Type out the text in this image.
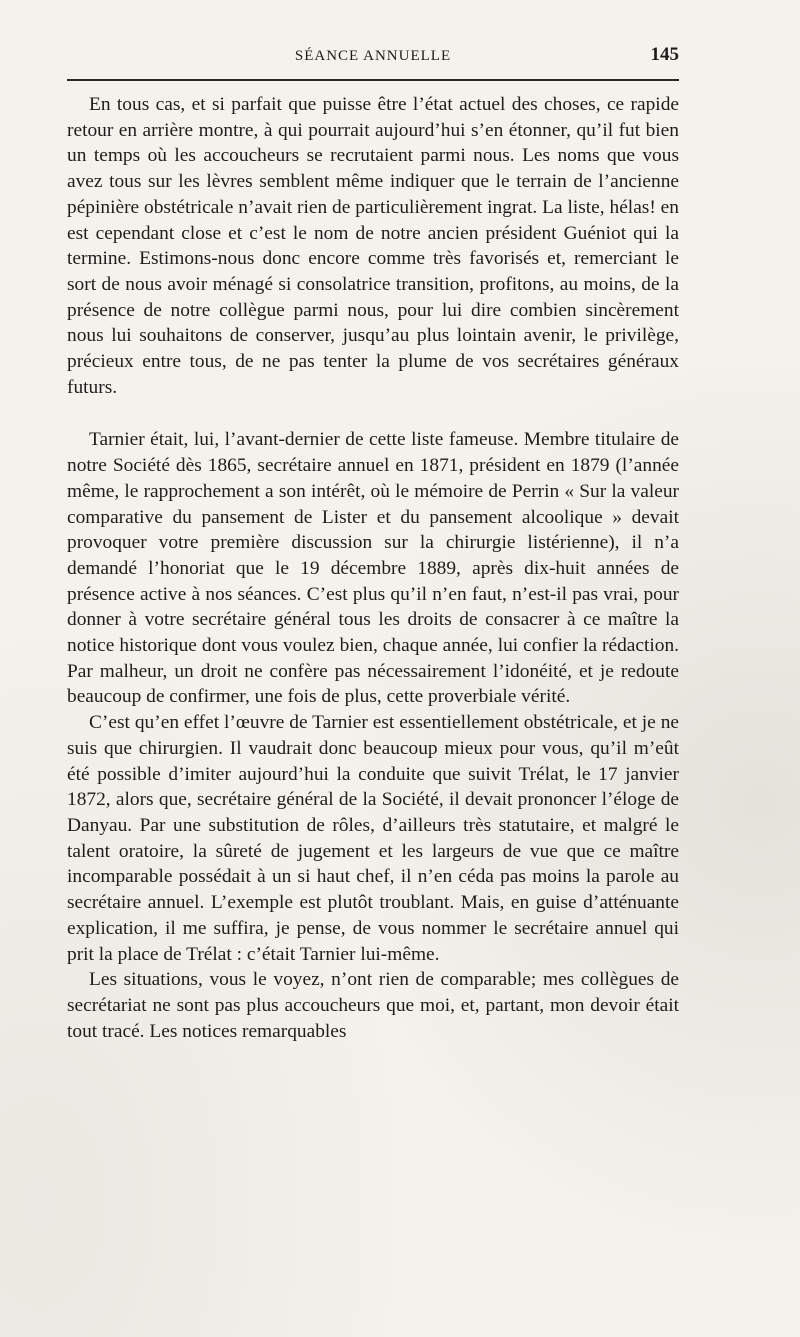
SÉANCE ANNUELLE	145

En tous cas, et si parfait que puisse être l’état actuel des choses, ce rapide retour en arrière montre, à qui pourrait aujourd’hui s’en étonner, qu’il fut bien un temps où les accoucheurs se recrutaient parmi nous. Les noms que vous avez tous sur les lèvres semblent même indiquer que le terrain de l’ancienne pépinière obstétricale n’avait rien de particulièrement ingrat. La liste, hélas! en est cependant close et c’est le nom de notre ancien président Guéniot qui la termine. Estimons-nous donc encore comme très favorisés et, remerciant le sort de nous avoir ménagé si consolatrice transition, profitons, au moins, de la présence de notre collègue parmi nous, pour lui dire combien sincèrement nous lui souhaitons de conserver, jusqu’au plus lointain avenir, le privilège, précieux entre tous, de ne pas tenter la plume de vos secrétaires généraux futurs.

Tarnier était, lui, l’avant-dernier de cette liste fameuse. Membre titulaire de notre Société dès 1865, secrétaire annuel en 1871, président en 1879 (l’année même, le rapprochement a son intérêt, où le mémoire de Perrin « Sur la valeur comparative du pansement de Lister et du pansement alcoolique » devait provoquer votre première discussion sur la chirurgie listérienne), il n’a demandé l’honoriat que le 19 décembre 1889, après dix-huit années de présence active à nos séances. C’est plus qu’il n’en faut, n’est-il pas vrai, pour donner à votre secrétaire général tous les droits de consacrer à ce maître la notice historique dont vous voulez bien, chaque année, lui confier la rédaction. Par malheur, un droit ne confère pas nécessairement l’idonéité, et je redoute beaucoup de confirmer, une fois de plus, cette proverbiale vérité.

C’est qu’en effet l’œuvre de Tarnier est essentiellement obstétricale, et je ne suis que chirurgien. Il vaudrait donc beaucoup mieux pour vous, qu’il m’eût été possible d’imiter aujourd’hui la conduite que suivit Trélat, le 17 janvier 1872, alors que, secrétaire général de la Société, il devait prononcer l’éloge de Danyau. Par une substitution de rôles, d’ailleurs très statutaire, et malgré le talent oratoire, la sûreté de jugement et les largeurs de vue que ce maître incomparable possédait à un si haut chef, il n’en céda pas moins la parole au secrétaire annuel. L’exemple est plutôt troublant. Mais, en guise d’atténuante explication, il me suffira, je pense, de vous nommer le secrétaire annuel qui prit la place de Trélat : c’était Tarnier lui-même.

Les situations, vous le voyez, n’ont rien de comparable; mes collègues de secrétariat ne sont pas plus accoucheurs que moi, et, partant, mon devoir était tout tracé. Les notices remarquables
